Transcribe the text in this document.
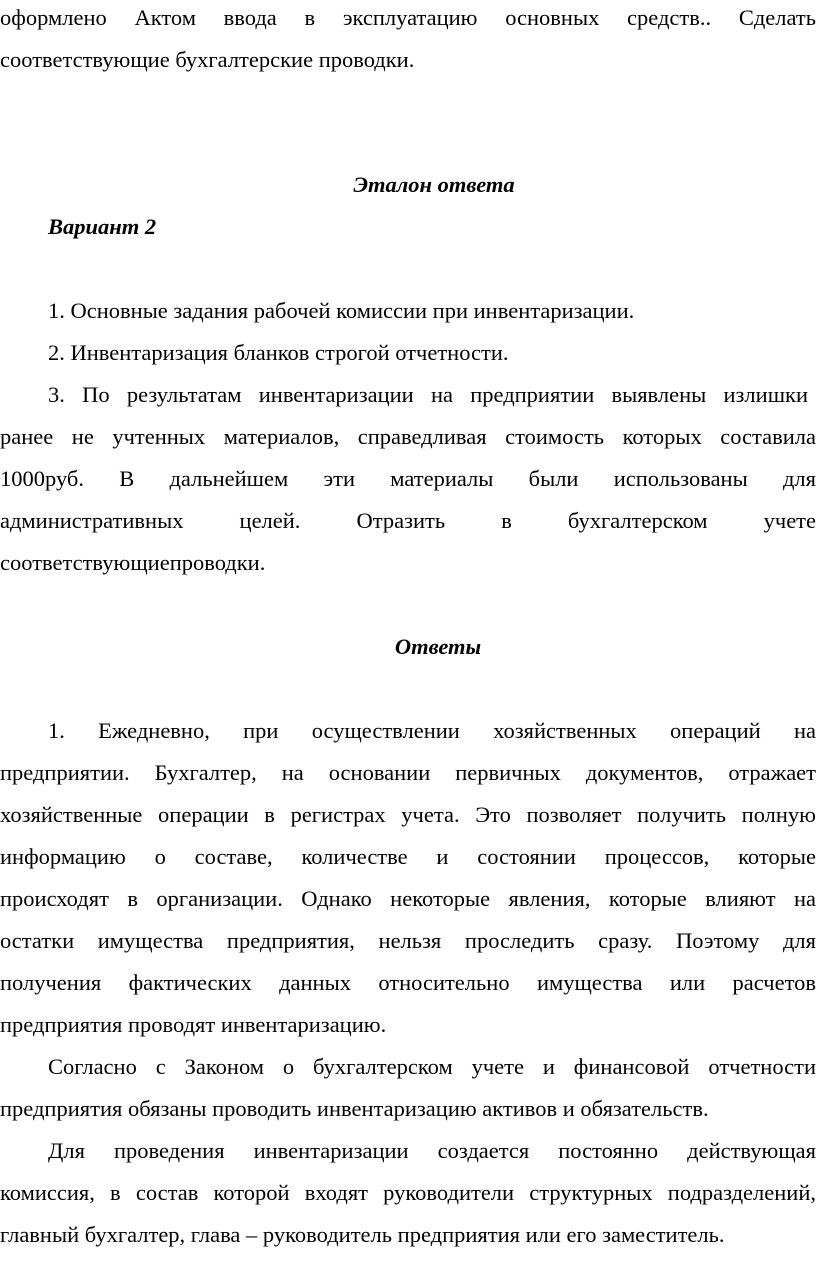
оформлено Актом ввода в эксплуатацию основных средств.. Сделать
соответствующие бухгалтерские проводки.
Эталон ответа
Вариант 2
1. Основные задания рабочей комиссии при инвентаризации.
2. Инвентаризация бланков строгой отчетности.
3. По результатам инвентаризации на предприятии выявлены излишки
ранее не учтенных материалов, справедливая стоимость которых составила
1000руб. В дальнейшем эти материалы были использованы для
административных целей. Отразить в бухгалтерском учете
соответствующиепроводки.
Ответы
1. Ежедневно, при осуществлении хозяйственных операций на
предприятии. Бухгалтер, на основании первичных документов, отражает
хозяйственные операции в регистрах учета. Это позволяет получить полную
информацию о составе, количестве и состоянии процессов, которые
происходят в организации. Однако некоторые явления, которые влияют на
остатки имущества предприятия, нельзя проследить сразу. Поэтому для
получения фактических данных относительно имущества или расчетов
предприятия проводят инвентаризацию.
Согласно с Законом о бухгалтерском учете и финансовой отчетности
предприятия обязаны проводить инвентаризацию активов и обязательств.
Для проведения инвентаризации создается постоянно действующая
комиссия, в состав которой входят руководители структурных подразделений,
главный бухгалтер, глава – руководитель предприятия или его заместитель.
